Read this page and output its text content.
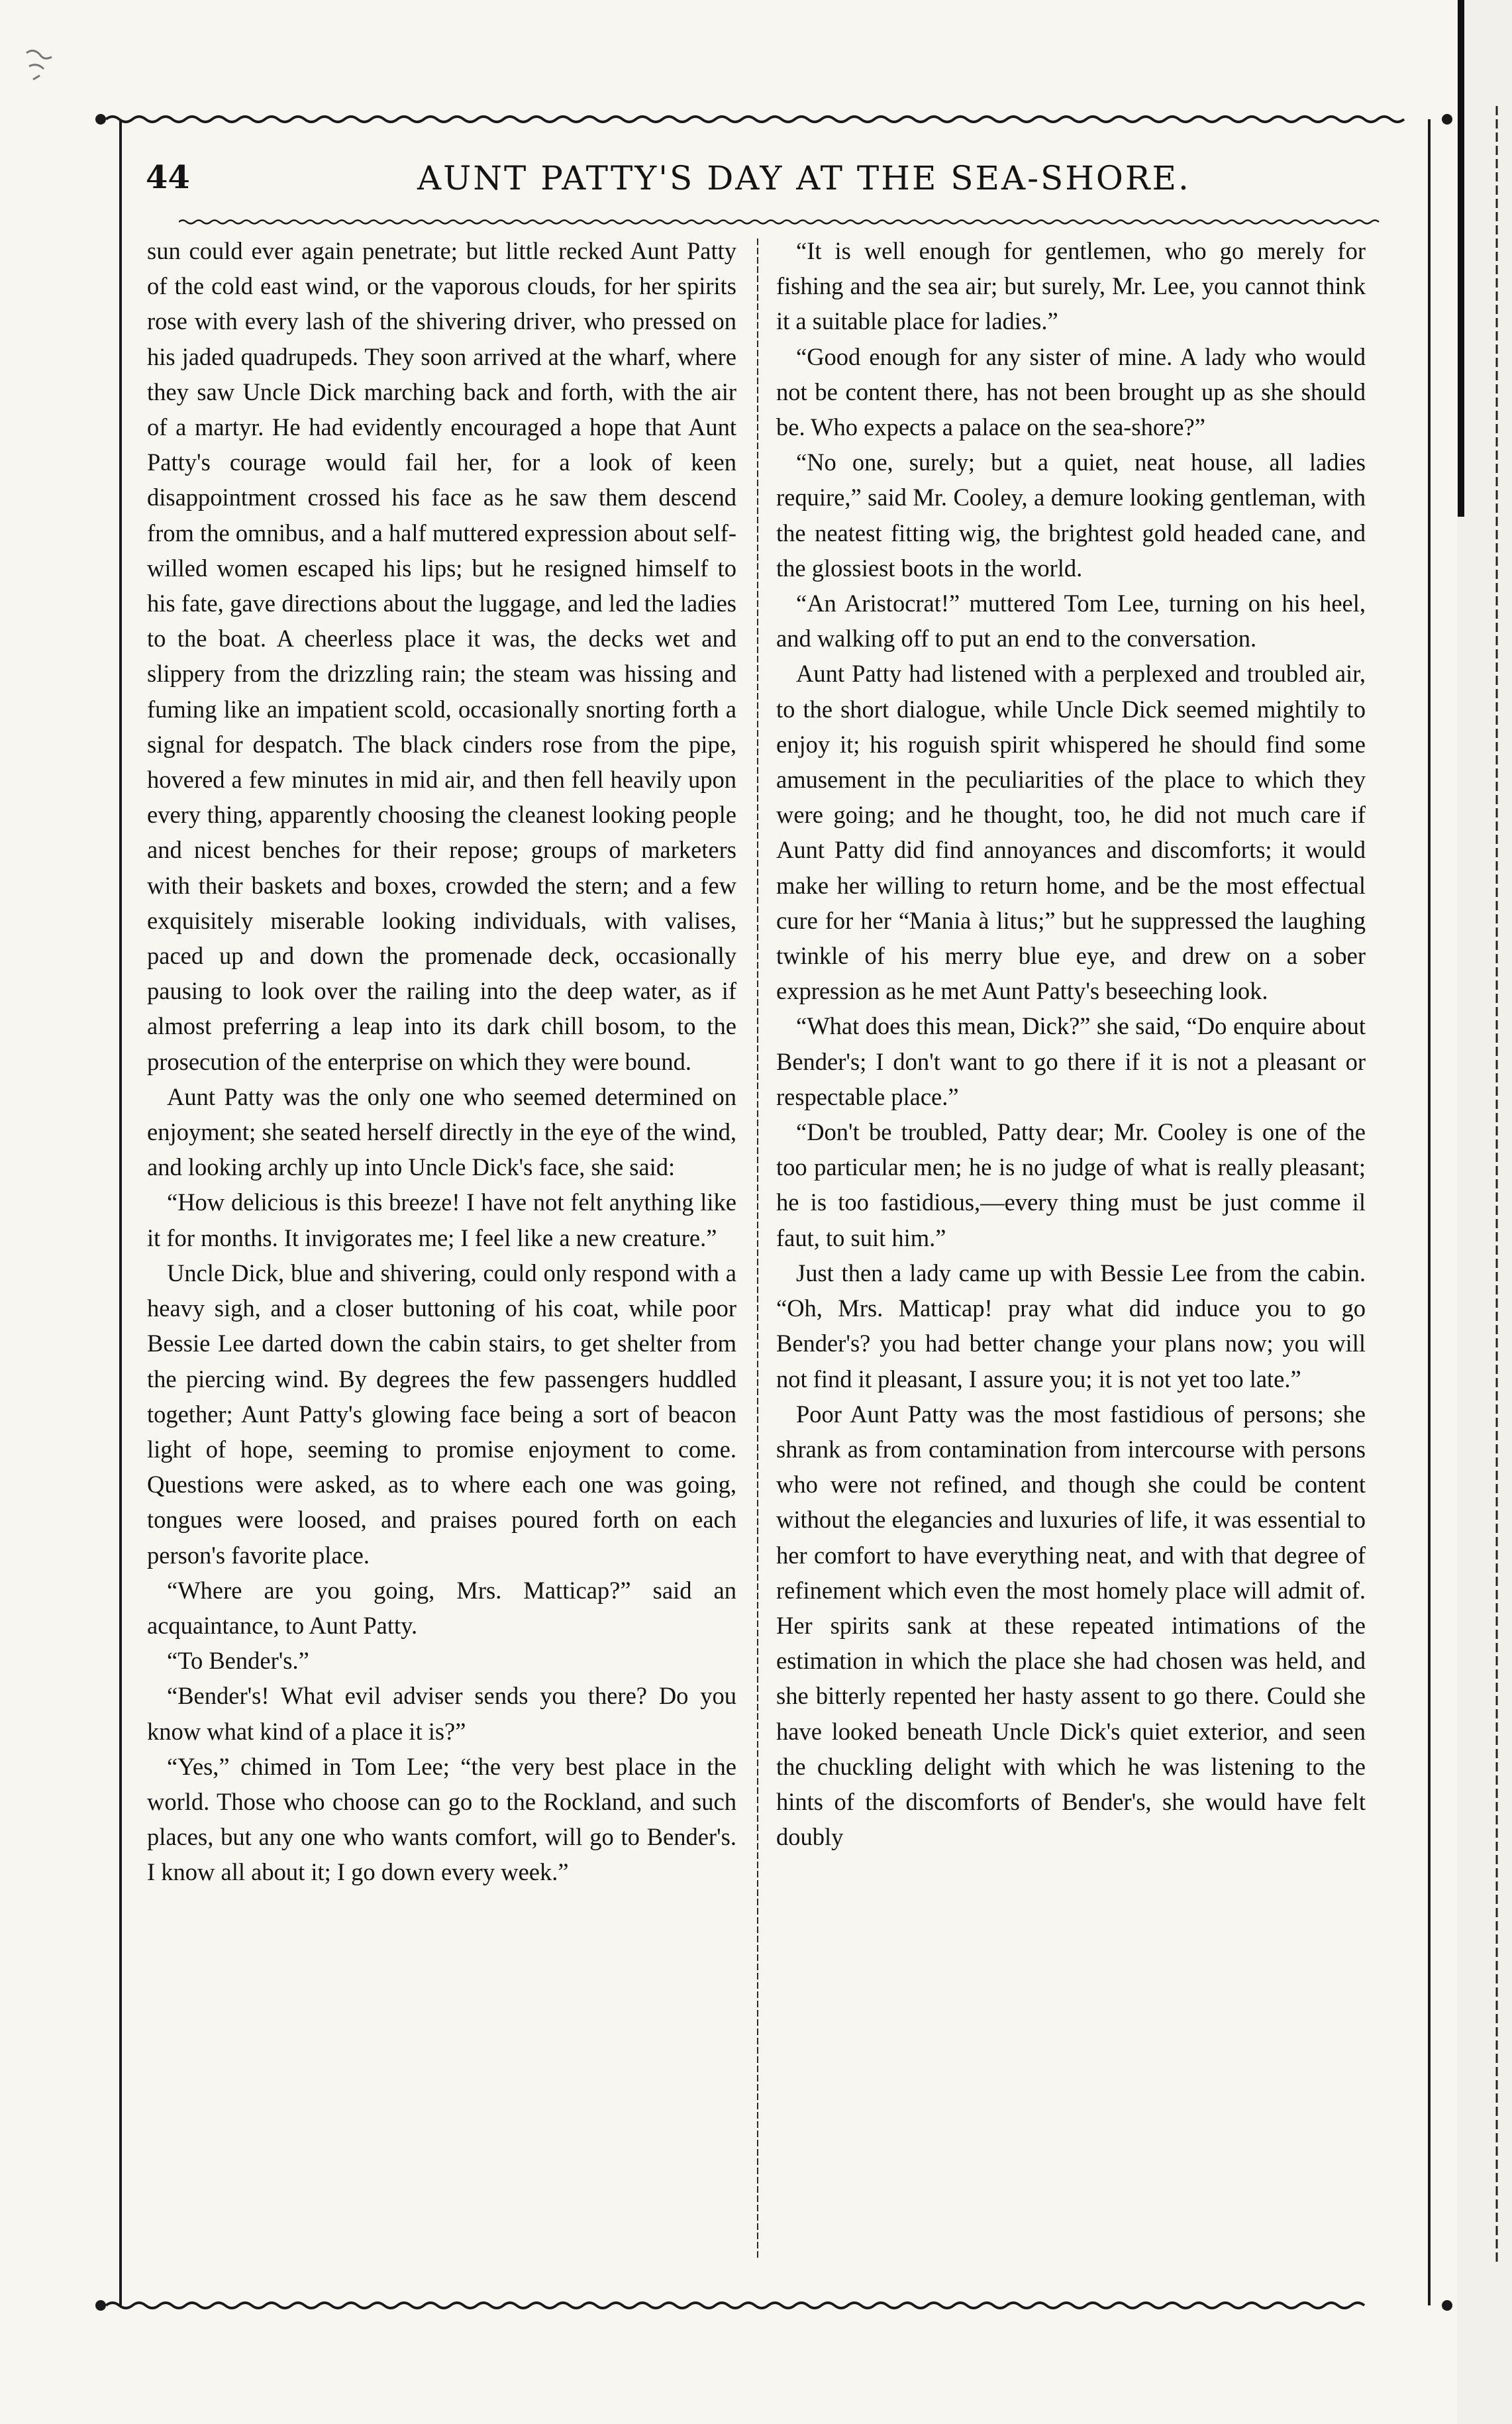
44	AUNT PATTY'S DAY AT THE SEA-SHORE.

sun could ever again penetrate; but little recked Aunt Patty of the cold east wind, or the vaporous clouds, for her spirits rose with every lash of the shivering driver, who pressed on his jaded quadrupeds. They soon arrived at the wharf, where they saw Uncle Dick marching back and forth, with the air of a martyr. He had evidently encouraged a hope that Aunt Patty's courage would fail her, for a look of keen disappointment crossed his face as he saw them descend from the omnibus, and a half muttered expression about self-willed women escaped his lips; but he resigned himself to his fate, gave directions about the luggage, and led the ladies to the boat. A cheerless place it was, the decks wet and slippery from the drizzling rain; the steam was hissing and fuming like an impatient scold, occasionally snorting forth a signal for despatch. The black cinders rose from the pipe, hovered a few minutes in mid air, and then fell heavily upon every thing, apparently choosing the cleanest looking people and nicest benches for their repose; groups of marketers with their baskets and boxes, crowded the stern; and a few exquisitely miserable looking individuals, with valises, paced up and down the promenade deck, occasionally pausing to look over the railing into the deep water, as if almost preferring a leap into its dark chill bosom, to the prosecution of the enterprise on which they were bound.

Aunt Patty was the only one who seemed determined on enjoyment; she seated herself directly in the eye of the wind, and looking archly up into Uncle Dick's face, she said:

“How delicious is this breeze! I have not felt anything like it for months. It invigorates me; I feel like a new creature.”

Uncle Dick, blue and shivering, could only respond with a heavy sigh, and a closer buttoning of his coat, while poor Bessie Lee darted down the cabin stairs, to get shelter from the piercing wind. By degrees the few passengers huddled together; Aunt Patty's glowing face being a sort of beacon light of hope, seeming to promise enjoyment to come. Questions were asked, as to where each one was going, tongues were loosed, and praises poured forth on each person's favorite place.

“Where are you going, Mrs. Matticap?” said an acquaintance, to Aunt Patty.

“To Bender's.”

“Bender's! What evil adviser sends you there? Do you know what kind of a place it is?”

“Yes,” chimed in Tom Lee; “the very best place in the world. Those who choose can go to the Rockland, and such places, but any one who wants comfort, will go to Bender's. I know all about it; I go down every week.”

“It is well enough for gentlemen, who go merely for fishing and the sea air; but surely, Mr. Lee, you cannot think it a suitable place for ladies.”

“Good enough for any sister of mine. A lady who would not be content there, has not been brought up as she should be. Who expects a palace on the sea-shore?”

“No one, surely; but a quiet, neat house, all ladies require,” said Mr. Cooley, a demure looking gentleman, with the neatest fitting wig, the brightest gold headed cane, and the glossiest boots in the world.

“An Aristocrat!” muttered Tom Lee, turning on his heel, and walking off to put an end to the conversation.

Aunt Patty had listened with a perplexed and troubled air, to the short dialogue, while Uncle Dick seemed mightily to enjoy it; his roguish spirit whispered he should find some amusement in the peculiarities of the place to which they were going; and he thought, too, he did not much care if Aunt Patty did find annoyances and discomforts; it would make her willing to return home, and be the most effectual cure for her “Mania à litus;” but he suppressed the laughing twinkle of his merry blue eye, and drew on a sober expression as he met Aunt Patty's beseeching look.

“What does this mean, Dick?” she said, “Do enquire about Bender's; I don't want to go there if it is not a pleasant or respectable place.”

“Don't be troubled, Patty dear; Mr. Cooley is one of the too particular men; he is no judge of what is really pleasant; he is too fastidious,—every thing must be just comme il faut, to suit him.”

Just then a lady came up with Bessie Lee from the cabin. “Oh, Mrs. Matticap! pray what did induce you to go Bender's? you had better change your plans now; you will not find it pleasant, I assure you; it is not yet too late.”

Poor Aunt Patty was the most fastidious of persons; she shrank as from contamination from intercourse with persons who were not refined, and though she could be content without the elegancies and luxuries of life, it was essential to her comfort to have everything neat, and with that degree of refinement which even the most homely place will admit of. Her spirits sank at these repeated intimations of the estimation in which the place she had chosen was held, and she bitterly repented her hasty assent to go there. Could she have looked beneath Uncle Dick's quiet exterior, and seen the chuckling delight with which he was listening to the hints of the discomforts of Bender's, she would have felt doubly
